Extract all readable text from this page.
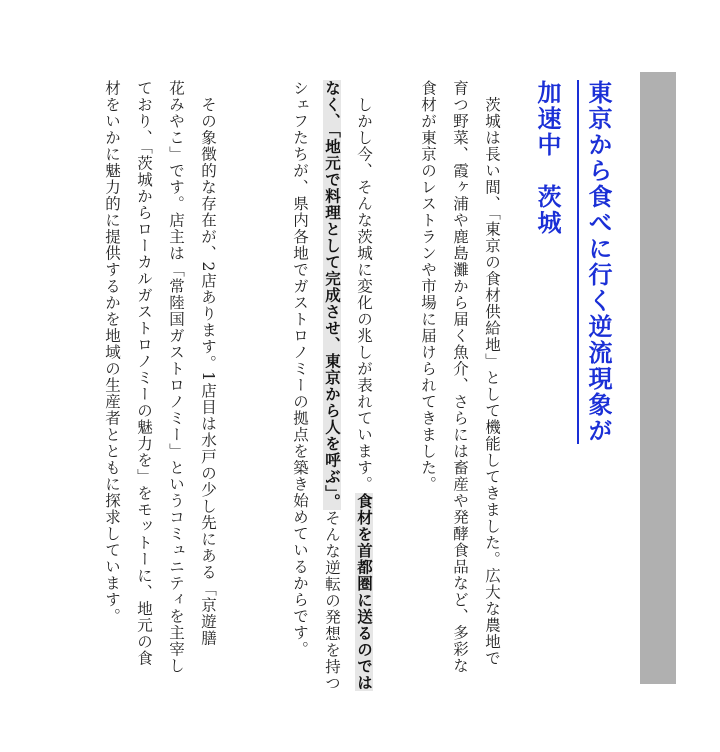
東京から食べに行く逆流現象が
加速中　茨城

　茨城は長い間、「東京の食材供給地」として機能してきました。広大な農地で

育つ野菜、霞ヶ浦や鹿島灘から届く魚介、さらには畜産や発酵食品など、多彩な

食材が東京のレストランや市場に届けられてきました。

　しかし今、そんな茨城に変化の兆しが表れています。食材を首都圏に送るのではなく、「地元で料理として完成させ、東京から人を呼ぶ」。そんな逆転の発想を持つシェフたちが、県内各地でガストロノミーの拠点を築き始めているからです。

　その象徴的な存在が、2店あります。1店目は水戸の少し先にある「京遊膳

花みやこ」です。店主は「常陸国ガストロノミー」というコミュニティを主宰し

ており、「茨城からローカルガストロノミーの魅力を」をモットーに、地元の食

材をいかに魅力的に提供するかを地域の生産者とともに探求しています。
